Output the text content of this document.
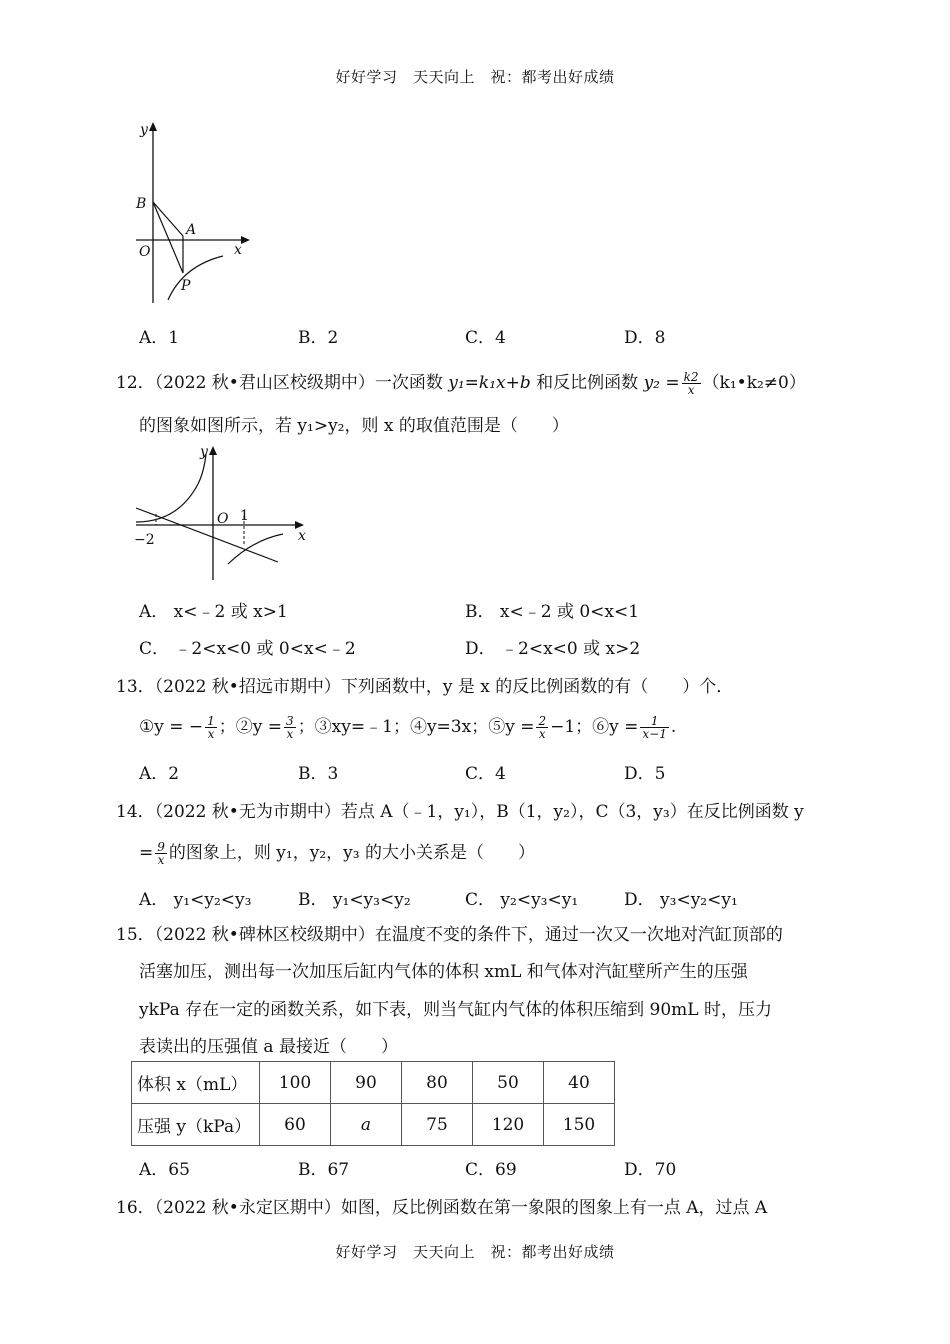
好好学习　天天向上　祝：都考出好成绩
y
x
O
B
A
P
A．1	B．2	C．4	D．8
12．（2022 秋•君山区校级期中）一次函数 y₁=k₁x+b 和反比例函数 $y_2 = \frac{k2}{x}$ （k₁•k₂≠0）
的图象如图所示，若 y₁>y₂，则 x 的取值范围是（　　）
y
x
O 1
−2
A． x<﹣2 或 x>1	B． x<﹣2 或 0<x<1
C． ﹣2<x<0 或 0<x<﹣2	D． ﹣2<x<0 或 x>2
13．（2022 秋•招远市期中）下列函数中，y 是 x 的反比例函数的有（　　）个．
①y = − $\frac{1}{x}$ ；②y = $\frac{3}{x}$ ；③xy=﹣1；④y=3x；⑤y = $\frac{2}{x} -1$；⑥y = $\frac{1}{x-1}$ .
A．2	B．3	C．4	D．5
14．（2022 秋•无为市期中）若点 A（﹣1，y₁），B（1，y₂），C（3，y₃）在反比例函数 y
= $\frac{9}{x}$ 的图象上，则 y₁，y₂，y₃ 的大小关系是（　　）
A． y₁<y₂<y₃	B． y₁<y₃<y₂	C． y₂<y₃<y₁	D． y₃<y₂<y₁
15．（2022 秋•碑林区校级期中）在温度不变的条件下，通过一次又一次地对汽缸顶部的
活塞加压，测出每一次加压后缸内气体的体积 xmL 和气体对汽缸壁所产生的压强
ykPa 存在一定的函数关系，如下表，则当气缸内气体的体积压缩到 90mL 时，压力
表读出的压强值 a 最接近（　　）
体积 x（mL）	100	90	80	50	40
压强 y（kPa）	60	a	75	120	150
A．65	B．67	C．69	D．70
16．（2022 秋•永定区期中）如图，反比例函数在第一象限的图象上有一点 A，过点 A
好好学习　天天向上　祝：都考出好成绩
